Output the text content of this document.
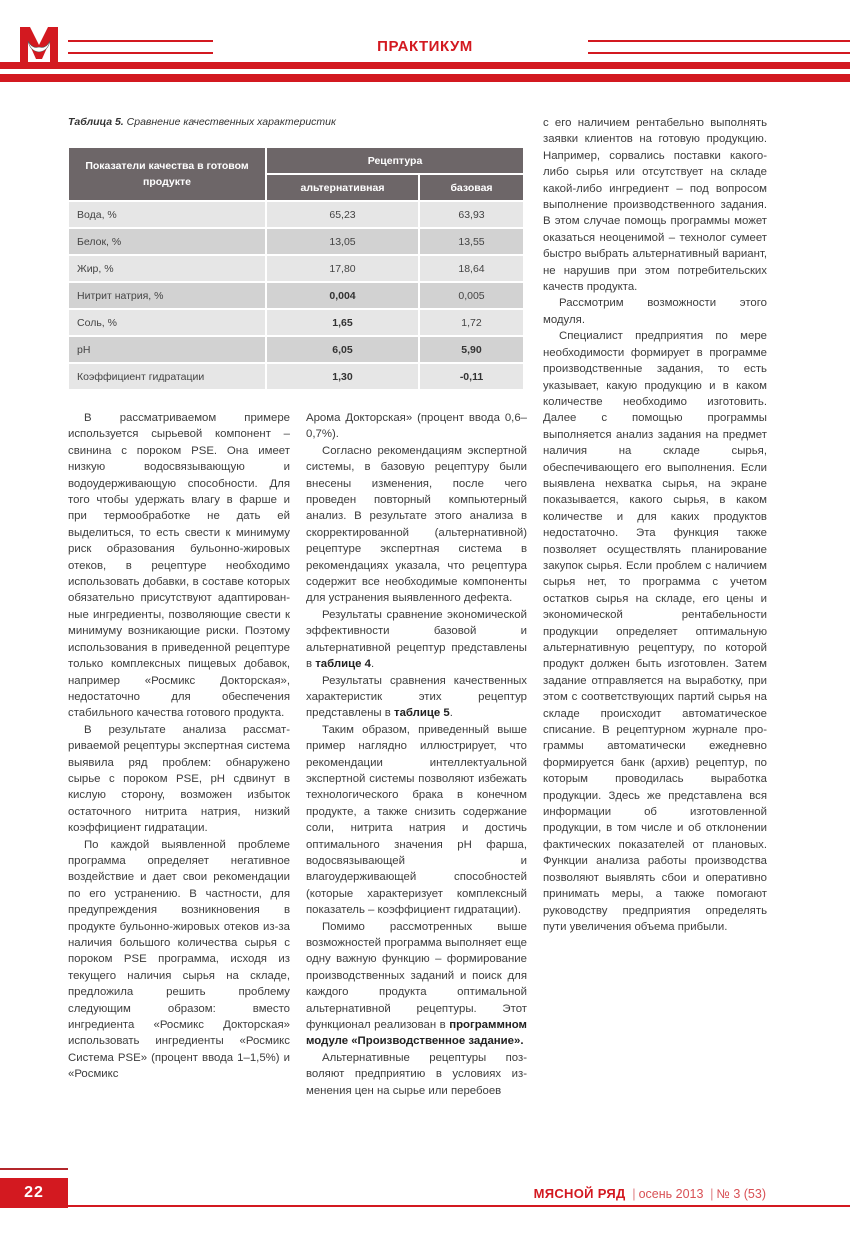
ПРАКТИКУМ
Таблица 5. Сравнение качественных характеристик
Показатели качества в готовом продукте	Рецептура	
	альтернативная	базовая
Вода, %	65,23	63,93
Белок, %	13,05	13,55
Жир, %	17,80	18,64
Нитрит натрия, %	0,004	0,005
Соль, %	1,65	1,72
pH	6,05	5,90
Коэффициент гидратации	1,30	-0,11

В рассматриваемом примере используется сырьевой компонент – свинина с пороком PSE. Она имеет низкую водосвязывающую и водоудерживающую способности. Для того чтобы удержать влагу в фарше и при термообработке не дать ей выделиться, то есть свести к минимуму риск образования бульонно-жировых отеков, в рецептуре необходимо использовать добавки, в составе которых обязательно присутствуют адаптированные ингредиенты, позволяющие свести к минимуму возникающие риски. Поэтому использования в приведенной рецептуре только комплексных пищевых добавок, например «Росмикс Докторская», недостаточно для обеспечения стабильного качества готового продукта.

В результате анализа рассматриваемой рецептуры экспертная система выявила ряд проблем: обнаружено сырье с пороком PSE, pH сдвинут в кислую сторону, возможен избыток остаточного нитрита натрия, низкий коэффициент гидратации.

По каждой выявленной проблеме программа определяет негативное воздействие и дает свои рекомендации по его устранению. В частности, для предупреждения возникновения в продукте бульонно-жировых отеков из-за наличия большого количества сырья с пороком PSE программа, исходя из текущего наличия сырья на складе, предложила решить проблему следующим образом: вместо ингредиента «Росмикс Докторская» использовать ингредиенты «Росмикс Система PSE» (процент ввода 1–1,5%) и «Росмикс

Арома Докторская» (процент ввода 0,6–0,7%).

Согласно рекомендациям экспертной системы, в базовую рецептуру были внесены изменения, после чего проведен повторный компьютерный анализ. В результате этого анализа в скорректированной (альтернативной) рецептуре экспертная система в рекомендациях указала, что рецептура содержит все необходимые компоненты для устранения выявленного дефекта.

Результаты сравнение экономической эффективности базовой и альтернативной рецептур представлены в таблице 4.

Результаты сравнения качественных характеристик этих рецептур представлены в таблице 5.

Таким образом, приведенный выше пример наглядно иллюстрирует, что рекомендации интеллектуальной экспертной системы позволяют избежать технологического брака в конечном продукте, а также снизить содержание соли, нитрита натрия и достичь оптимального значения pH фарша, водосвязывающей и влагоудерживающей способностей (которые характеризует комплексный показатель – коэффициент гидратации).

Помимо рассмотренных выше возможностей программа выполняет еще одну важную функцию – формирование производственных заданий и поиск для каждого продукта оптимальной альтернативной рецептуры. Этот функционал реализован в программном модуле «Производственное задание».

Альтернативные рецептуры позволяют предприятию в условиях изменения цен на сырье или перебоев

с его наличием рентабельно выполнять заявки клиентов на готовую продукцию. Например, сорвались поставки какого-либо сырья или отсутствует на складе какой-либо ингредиент – под вопросом выполнение производственного задания. В этом случае помощь программы может оказаться неоценимой – технолог сумеет быстро выбрать альтернативный вариант, не нарушив при этом потребительских качеств продукта.

Рассмотрим возможности этого модуля.

Специалист предприятия по мере необходимости формирует в программе производственные задания, то есть указывает, какую продукцию и в каком количестве необходимо изготовить. Далее с помощью программы выполняется анализ задания на предмет наличия на складе сырья, обеспечивающего его выполнения. Если выявлена нехватка сырья, на экране показывается, какого сырья, в каком количестве и для каких продуктов недостаточно. Эта функция также позволяет осуществлять планирование закупок сырья. Если проблем с наличием сырья нет, то программа с учетом остатков сырья на складе, его цены и экономической рентабельности продукции определяет оптимальную альтернативную рецептуру, по которой продукт должен быть изготовлен. Затем задание отправляется на выработку, при этом с соответствующих партий сырья на складе происходит автоматическое списание. В рецептурном журнале программы автоматически ежедневно формируется банк (архив) рецептур, по которым проводилась выработка продукции. Здесь же представлена вся информации об изготовленной продукции, в том числе и об отклонении фактических показателей от плановых. Функции анализа работы производства позволяют выявлять сбои и оперативно принимать меры, а также помогают руководству предприятия определять пути увеличения объема прибыли.

22	МЯСНОЙ РЯД | осень 2013 | № 3 (53)
